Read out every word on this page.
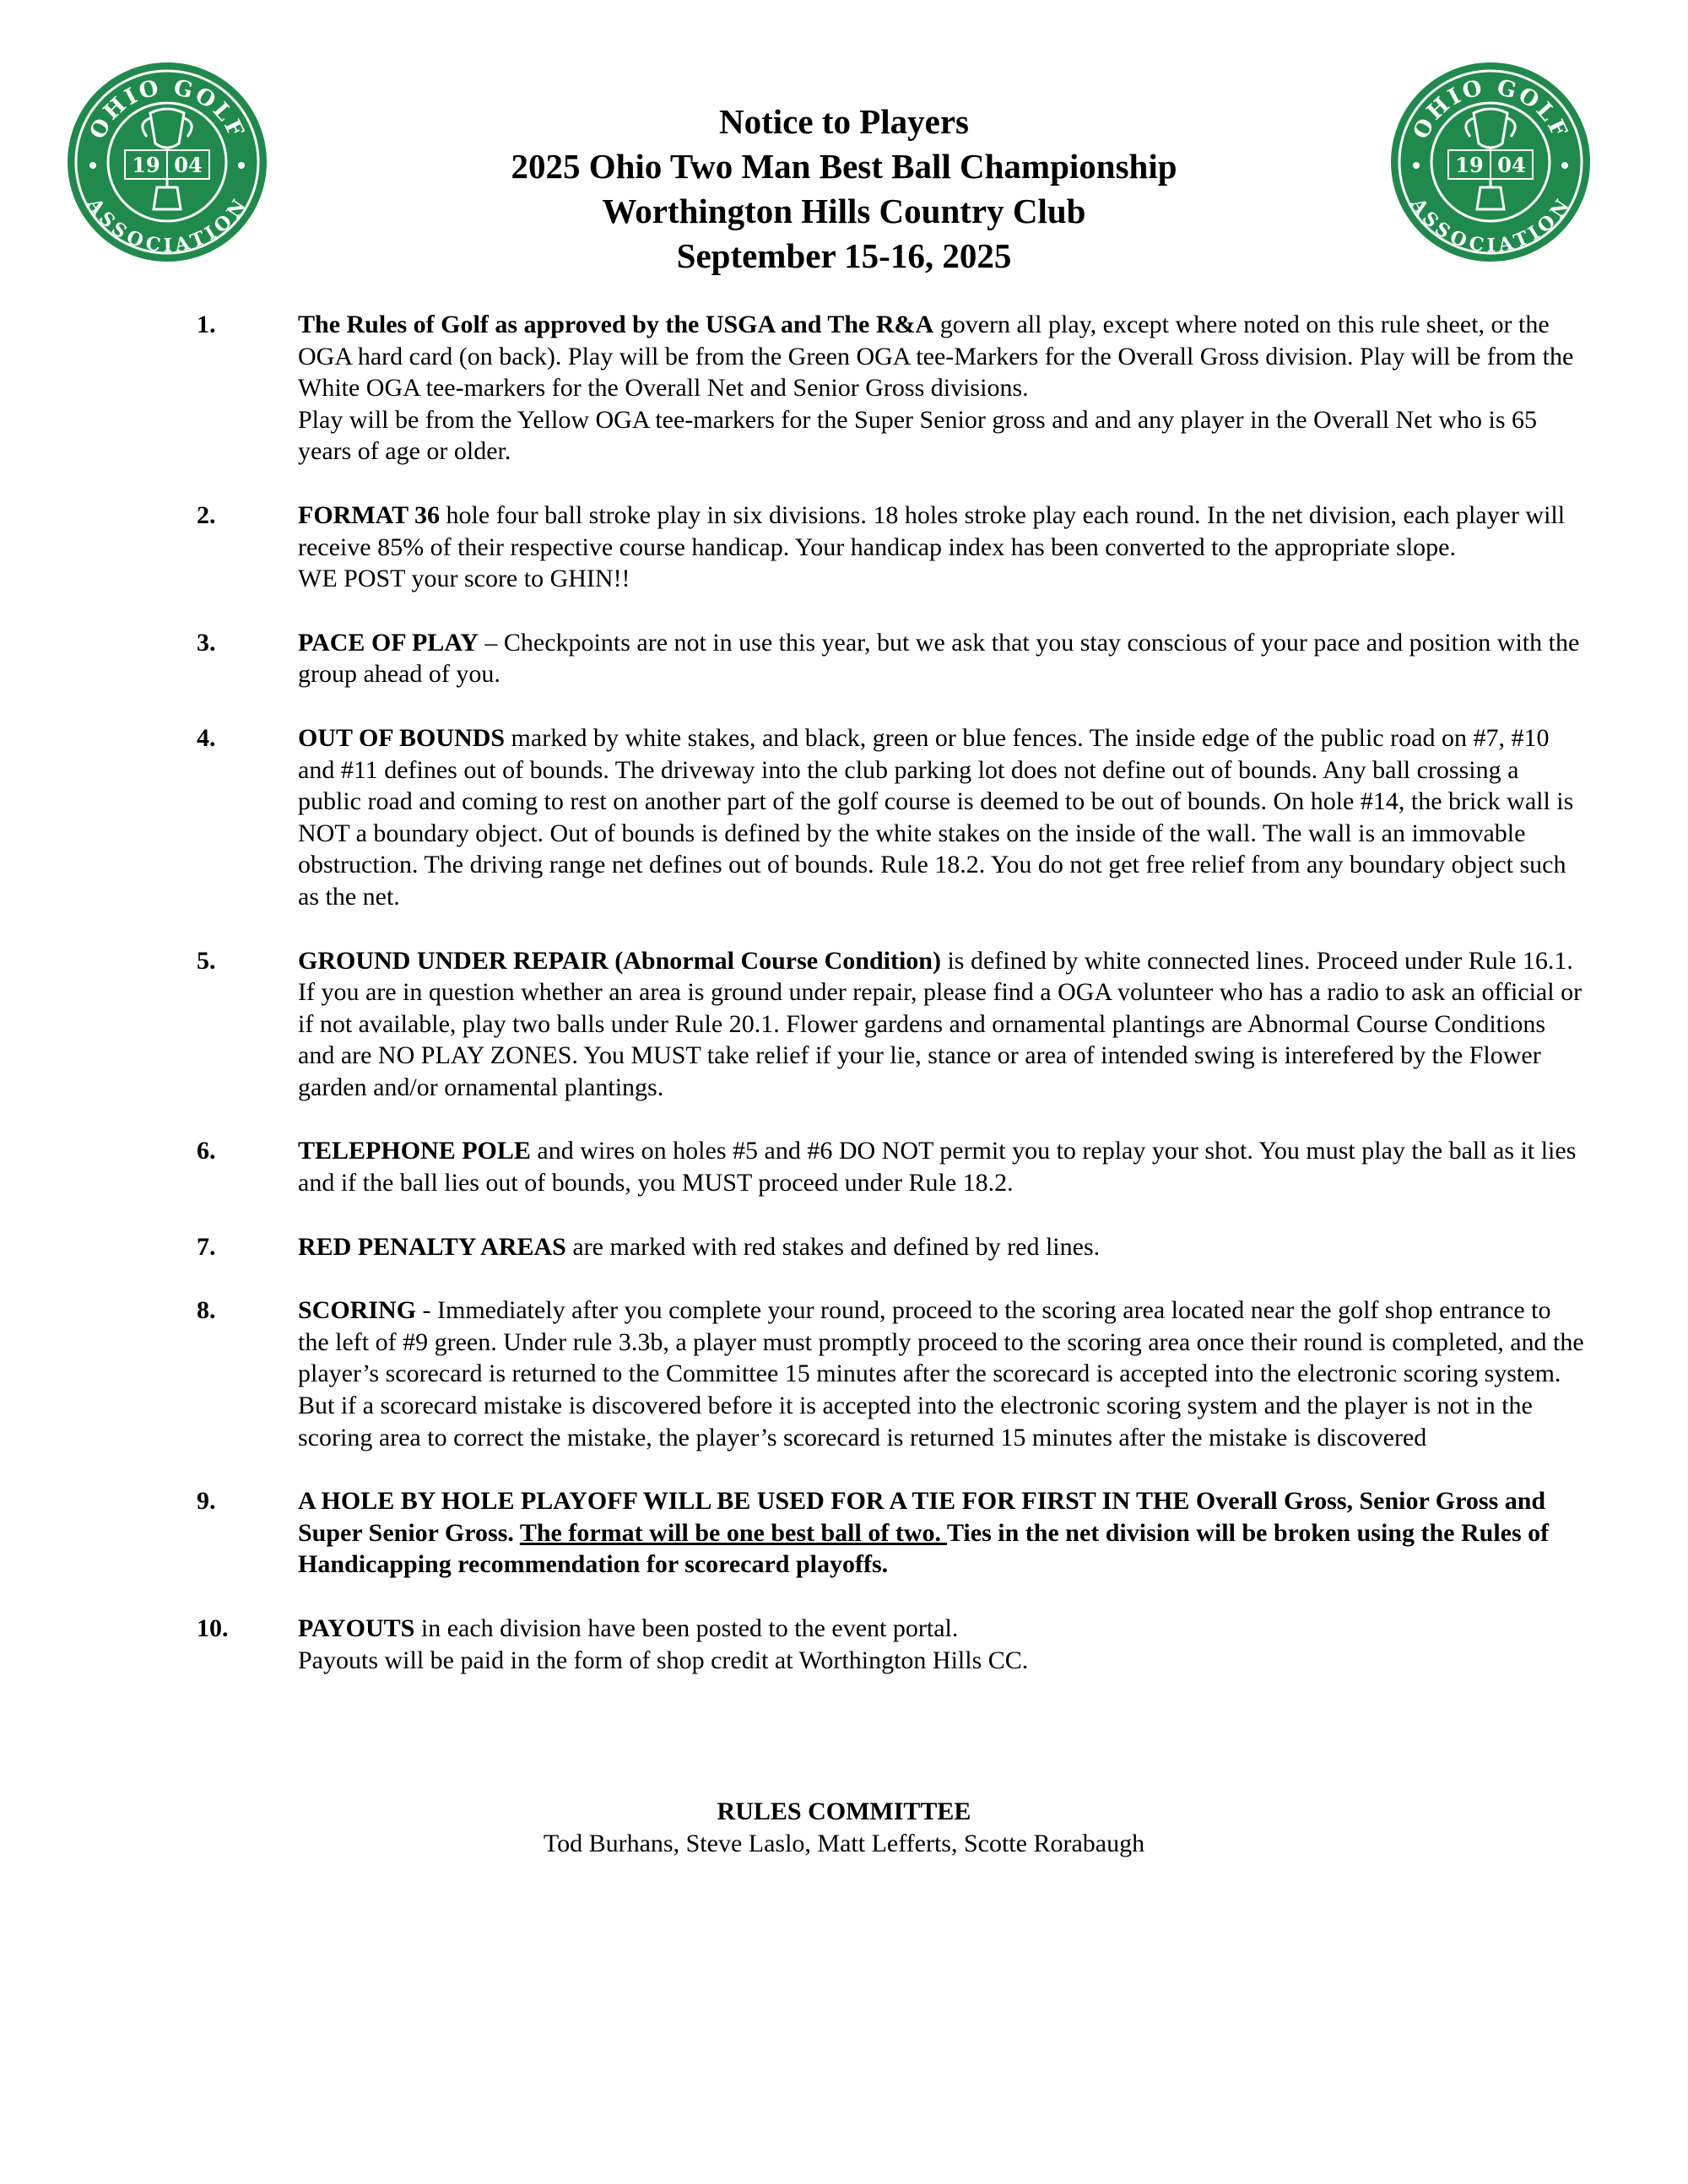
OHIO GOLF
ASSOCIATION
19 04
OHIO GOLF
ASSOCIATION
19 04
Notice to Players
2025 Ohio Two Man Best Ball Championship
Worthington Hills Country Club
September 15-16, 2025
1.	The Rules of Golf as approved by the USGA and The R&A govern all play, except where noted on this rule sheet, or the OGA hard card (on back). Play will be from the Green OGA tee-Markers for the Overall Gross division. Play will be from the White OGA tee-markers for the Overall Net and Senior Gross divisions.

Play will be from the Yellow OGA tee-markers for the Super Senior gross and and any player in the Overall Net who is 65 years of age or older.

2.	FORMAT 36 hole four ball stroke play in six divisions. 18 holes stroke play each round. In the net division, each player will receive 85% of their respective course handicap. Your handicap index has been converted to the appropriate slope.

WE POST your score to GHIN!!

3.	PACE OF PLAY – Checkpoints are not in use this year, but we ask that you stay conscious of your pace and position with the group ahead of you.

4.	OUT OF BOUNDS marked by white stakes, and black, green or blue fences. The inside edge of the public road on #7, #10 and #11 defines out of bounds. The driveway into the club parking lot does not define out of bounds. Any ball crossing a public road and coming to rest on another part of the golf course is deemed to be out of bounds. On hole #14, the brick wall is NOT a boundary object. Out of bounds is defined by the white stakes on the inside of the wall. The wall is an immovable obstruction. The driving range net defines out of bounds. Rule 18.2. You do not get free relief from any boundary object such as the net.

5.	GROUND UNDER REPAIR (Abnormal Course Condition) is defined by white connected lines. Proceed under Rule 16.1. If you are in question whether an area is ground under repair, please find a OGA volunteer who has a radio to ask an official or if not available, play two balls under Rule 20.1. Flower gardens and ornamental plantings are Abnormal Course Conditions and are NO PLAY ZONES. You MUST take relief if your lie, stance or area of intended swing is interefered by the Flower garden and/or ornamental plantings.

6.	TELEPHONE POLE and wires on holes #5 and #6 DO NOT permit you to replay your shot. You must play the ball as it lies and if the ball lies out of bounds, you MUST proceed under Rule 18.2.

7.	RED PENALTY AREAS are marked with red stakes and defined by red lines.

8.	SCORING - Immediately after you complete your round, proceed to the scoring area located near the golf shop entrance to the left of #9 green. Under rule 3.3b, a player must promptly proceed to the scoring area once their round is completed, and the player’s scorecard is returned to the Committee 15 minutes after the scorecard is accepted into the electronic scoring system.

But if a scorecard mistake is discovered before it is accepted into the electronic scoring system and the player is not in the scoring area to correct the mistake, the player’s scorecard is returned 15 minutes after the mistake is discovered

9.	A HOLE BY HOLE PLAYOFF WILL BE USED FOR A TIE FOR FIRST IN THE Overall Gross, Senior Gross and Super Senior Gross. The format will be one best ball of two. Ties in the net division will be broken using the Rules of Handicapping recommendation for scorecard playoffs.

10.	PAYOUTS in each division have been posted to the event portal.

Payouts will be paid in the form of shop credit at Worthington Hills CC.

RULES COMMITTEE
Tod Burhans, Steve Laslo, Matt Lefferts, Scotte Rorabaugh
